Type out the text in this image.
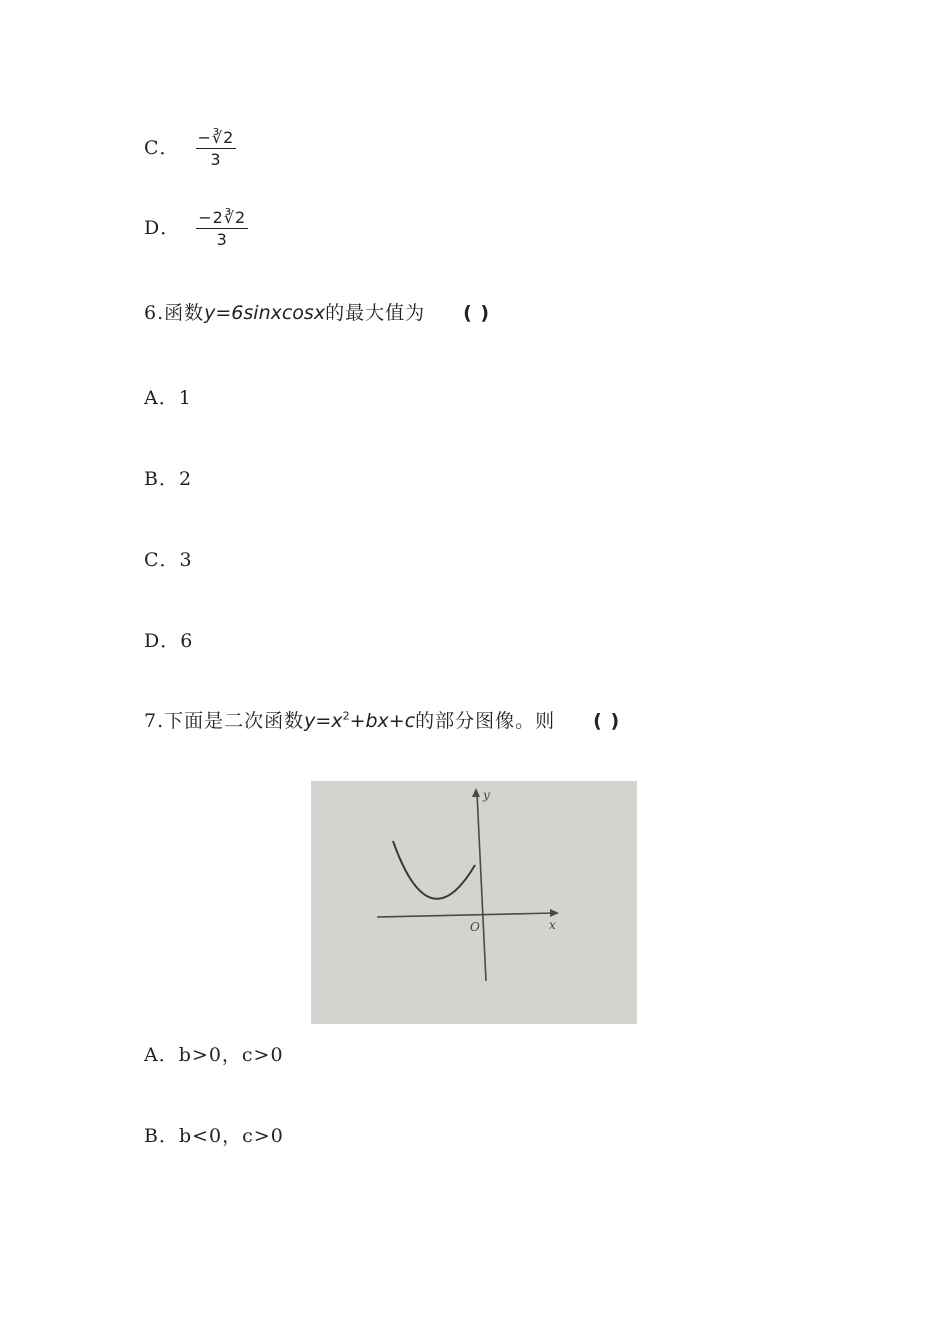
C． $\frac{-∛2}{3}$
D． $\frac{-2∛2}{3}$
6.函数y=6sinxcosx的最大值为 ( )
A．1
B．2
C．3
D．6
7.下面是二次函数$y=x^2+bx+c$的部分图像。则 ( )
y
x
O
A．b>0，c>0
B．b<0，c>0
